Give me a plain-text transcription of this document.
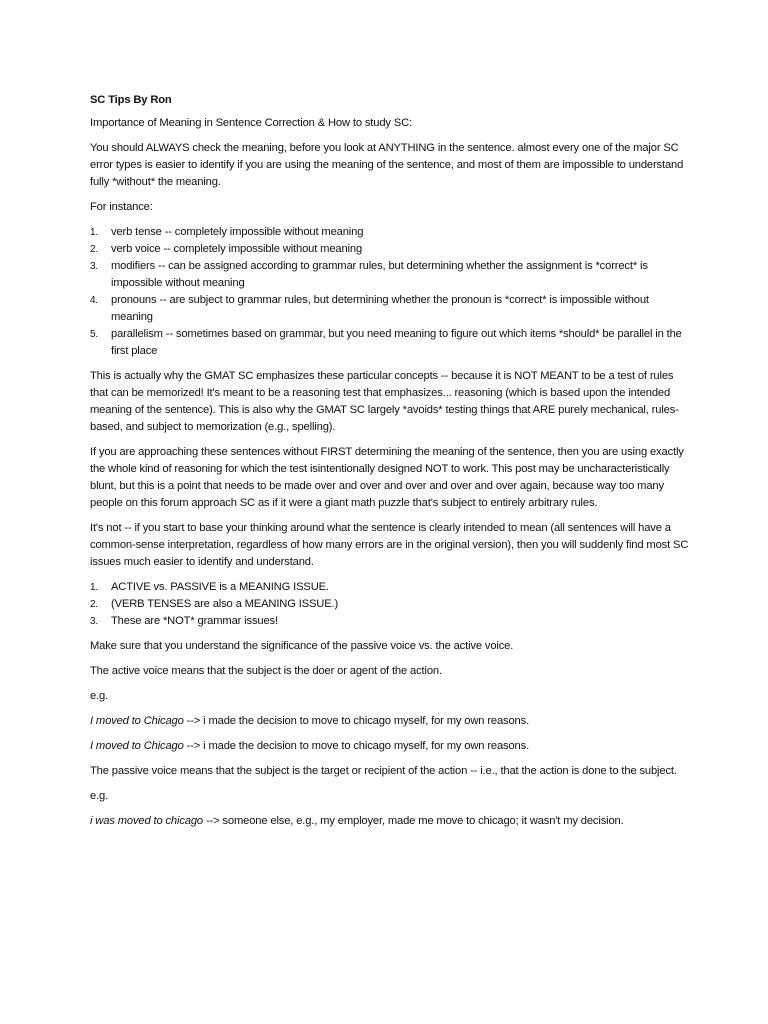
SC Tips By Ron

Importance of Meaning in Sentence Correction & How to study SC:

You should ALWAYS check the meaning, before you look at ANYTHING in the sentence. almost every one of the major SC error types is easier to identify if you are using the meaning of the sentence, and most of them are impossible to understand fully *without* the meaning.

For instance:

1. verb tense -- completely impossible without meaning
2. verb voice -- completely impossible without meaning
3. modifiers -- can be assigned according to grammar rules, but determining whether the assignment is *correct* is impossible without meaning
4. pronouns -- are subject to grammar rules, but determining whether the pronoun is *correct* is impossible without meaning
5. parallelism -- sometimes based on grammar, but you need meaning to figure out which items *should* be parallel in the first place

This is actually why the GMAT SC emphasizes these particular concepts -- because it is NOT MEANT to be a test of rules that can be memorized! It's meant to be a reasoning test that emphasizes... reasoning (which is based upon the intended meaning of the sentence). This is also why the GMAT SC largely *avoids* testing things that ARE purely mechanical, rules-based, and subject to memorization (e.g., spelling).

If you are approaching these sentences without FIRST determining the meaning of the sentence, then you are using exactly the whole kind of reasoning for which the test isintentionally designed NOT to work. This post may be uncharacteristically blunt, but this is a point that needs to be made over and over and over and over and over again, because way too many people on this forum approach SC as if it were a giant math puzzle that's subject to entirely arbitrary rules.

It's not -- if you start to base your thinking around what the sentence is clearly intended to mean (all sentences will have a common-sense interpretation, regardless of how many errors are in the original version), then you will suddenly find most SC issues much easier to identify and understand.

1. ACTIVE vs. PASSIVE is a MEANING ISSUE.
2. (VERB TENSES are also a MEANING ISSUE.)
3. These are *NOT* grammar issues!

Make sure that you understand the significance of the passive voice vs. the active voice.

The active voice means that the subject is the doer or agent of the action.

e.g.

I moved to Chicago --> i made the decision to move to chicago myself, for my own reasons.

I moved to Chicago --> i made the decision to move to chicago myself, for my own reasons.

The passive voice means that the subject is the target or recipient of the action -- i.e., that the action is done to the subject.

e.g.

i was moved to chicago --> someone else, e.g., my employer, made me move to chicago; it wasn't my decision.
